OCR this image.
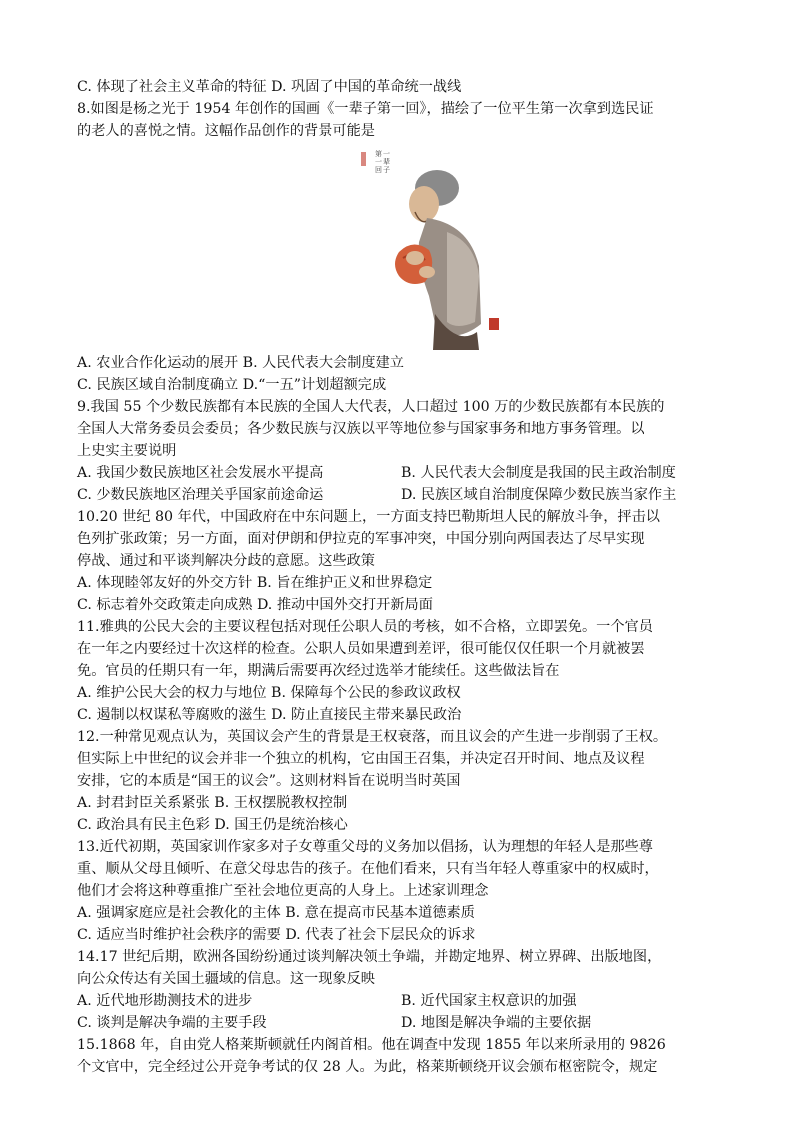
C. 体现了社会主义革命的特征 D. 巩固了中国的革命统一战线
8.如图是杨之光于 1954 年创作的国画《一辈子第一回》，描绘了一位平生第一次拿到选民证
的老人的喜悦之情。这幅作品创作的背景可能是
一
辈
子
第
一
回
A. 农业合作化运动的展开 B. 人民代表大会制度建立
C. 民族区域自治制度确立 D.“一五”计划超额完成
9.我国 55 个少数民族都有本民族的全国人大代表，人口超过 100 万的少数民族都有本民族的
全国人大常务委员会委员；各少数民族与汉族以平等地位参与国家事务和地方事务管理。以
上史实主要说明
A. 我国少数民族地区社会发展水平提高	B. 人民代表大会制度是我国的民主政治制度
C. 少数民族地区治理关乎国家前途命运	D. 民族区域自治制度保障少数民族当家作主
10.20 世纪 80 年代，中国政府在中东问题上，一方面支持巴勒斯坦人民的解放斗争，抨击以
色列扩张政策；另一方面，面对伊朗和伊拉克的军事冲突，中国分别向两国表达了尽早实现
停战、通过和平谈判解决分歧的意愿。这些政策
A. 体现睦邻友好的外交方针 B. 旨在维护正义和世界稳定
C. 标志着外交政策走向成熟 D. 推动中国外交打开新局面
11.雅典的公民大会的主要议程包括对现任公职人员的考核，如不合格，立即罢免。一个官员
在一年之内要经过十次这样的检查。公职人员如果遭到差评，很可能仅仅任职一个月就被罢
免。官员的任期只有一年，期满后需要再次经过选举才能续任。这些做法旨在
A. 维护公民大会的权力与地位 B. 保障每个公民的参政议政权
C. 遏制以权谋私等腐败的滋生 D. 防止直接民主带来暴民政治
12.一种常见观点认为，英国议会产生的背景是王权衰落，而且议会的产生进一步削弱了王权。
但实际上中世纪的议会并非一个独立的机构，它由国王召集，并决定召开时间、地点及议程
安排，它的本质是“国王的议会”。这则材料旨在说明当时英国
A. 封君封臣关系紧张 B. 王权摆脱教权控制
C. 政治具有民主色彩 D. 国王仍是统治核心
13.近代初期，英国家训作家多对子女尊重父母的义务加以倡扬，认为理想的年轻人是那些尊
重、顺从父母且倾听、在意父母忠告的孩子。在他们看来，只有当年轻人尊重家中的权威时，
他们才会将这种尊重推广至社会地位更高的人身上。上述家训理念
A. 强调家庭应是社会教化的主体 B. 意在提高市民基本道德素质
C. 适应当时维护社会秩序的需要 D. 代表了社会下层民众的诉求
14.17 世纪后期，欧洲各国纷纷通过谈判解决领土争端，并勘定地界、树立界碑、出版地图，
向公众传达有关国土疆域的信息。这一现象反映
A. 近代地形勘测技术的进步	B. 近代国家主权意识的加强
C. 谈判是解决争端的主要手段	D. 地图是解决争端的主要依据
15.1868 年，自由党人格莱斯顿就任内阁首相。他在调查中发现 1855 年以来所录用的 9826
个文官中，完全经过公开竞争考试的仅 28 人。为此，格莱斯顿绕开议会颁布枢密院令，规定
